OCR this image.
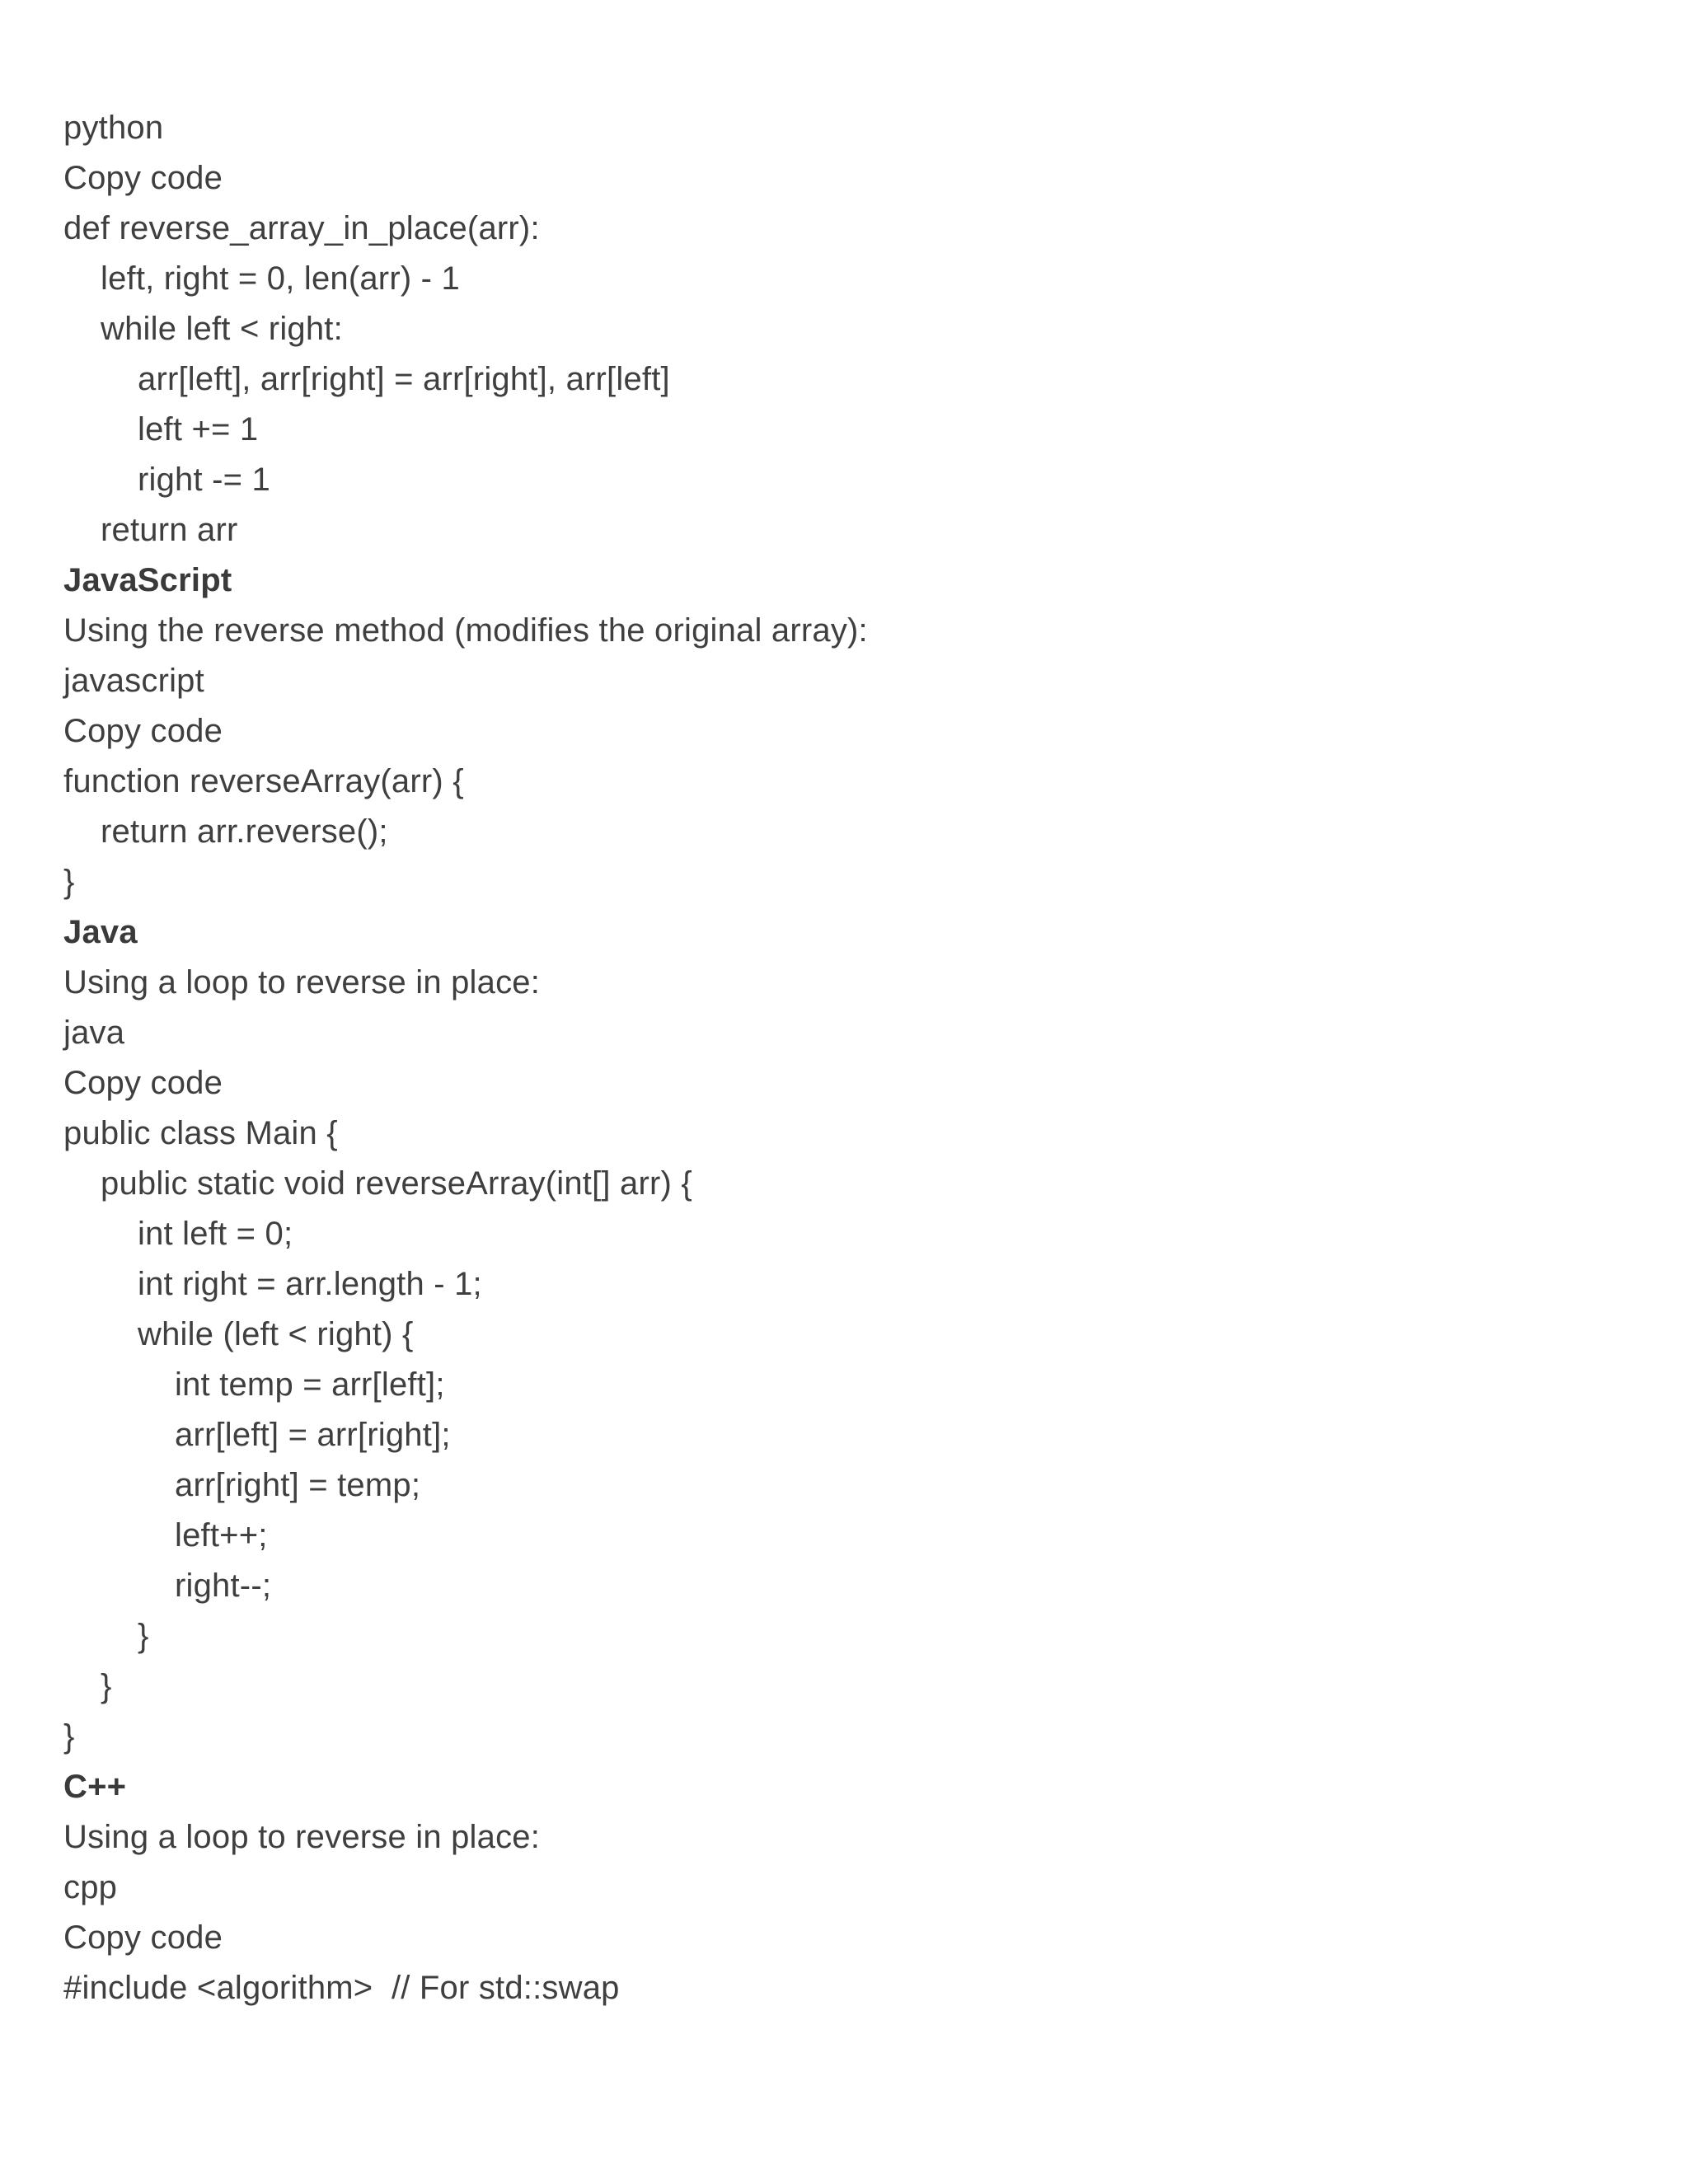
python
Copy code
def reverse_array_in_place(arr):
left, right = 0, len(arr) - 1
while left < right:
arr[left], arr[right] = arr[right], arr[left]
left += 1
right -= 1
return arr
JavaScript
Using the reverse method (modifies the original array):
javascript
Copy code
function reverseArray(arr) {
return arr.reverse();
}
Java
Using a loop to reverse in place:
java
Copy code
public class Main {
public static void reverseArray(int[] arr) {
int left = 0;
int right = arr.length - 1;
while (left < right) {
int temp = arr[left];
arr[left] = arr[right];
arr[right] = temp;
left++;
right--;
}
}
}
C++
Using a loop to reverse in place:
cpp
Copy code
#include <algorithm>  // For std::swap
